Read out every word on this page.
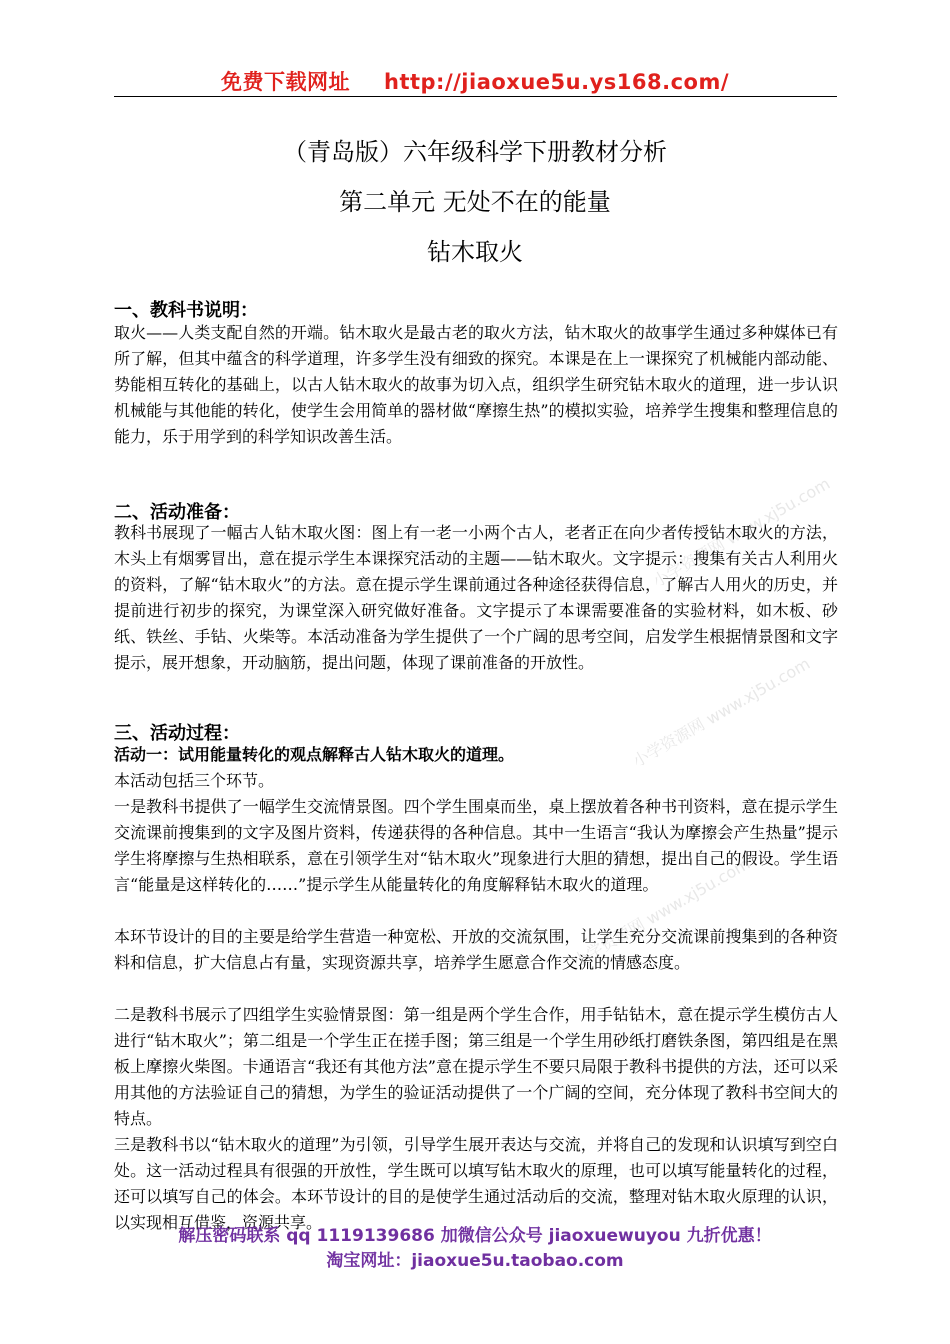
免费下载网址 http://jiaoxue5u.ys168.com/
小学资源网 www.xj5u.com
小学资源网 www.xj5u.com
小学资源网 www.xj5u.com
（青岛版）六年级科学下册教材分析
第二单元 无处不在的能量
钻木取火
一、教科书说明：

取火——人类支配自然的开端。钻木取火是最古老的取火方法，钻木取火的故事学生通过多种媒体已有所了解，但其中蕴含的科学道理，许多学生没有细致的探究。本课是在上一课探究了机械能内部动能、势能相互转化的基础上，以古人钻木取火的故事为切入点，组织学生研究钻木取火的道理，进一步认识机械能与其他能的转化，使学生会用简单的器材做“摩擦生热”的模拟实验，培养学生搜集和整理信息的能力，乐于用学到的科学知识改善生活。

二、活动准备：

教科书展现了一幅古人钻木取火图：图上有一老一小两个古人，老者正在向少者传授钻木取火的方法，木头上有烟雾冒出，意在提示学生本课探究活动的主题——钻木取火。文字提示：搜集有关古人利用火的资料，了解“钻木取火”的方法。意在提示学生课前通过各种途径获得信息，了解古人用火的历史，并提前进行初步的探究，为课堂深入研究做好准备。文字提示了本课需要准备的实验材料，如木板、砂纸、铁丝、手钻、火柴等。本活动准备为学生提供了一个广阔的思考空间，启发学生根据情景图和文字提示，展开想象，开动脑筋，提出问题，体现了课前准备的开放性。

三、活动过程：
活动一：试用能量转化的观点解释古人钻木取火的道理。

本活动包括三个环节。

一是教科书提供了一幅学生交流情景图。四个学生围桌而坐，桌上摆放着各种书刊资料，意在提示学生交流课前搜集到的文字及图片资料，传递获得的各种信息。其中一生语言“我认为摩擦会产生热量”提示学生将摩擦与生热相联系，意在引领学生对“钻木取火”现象进行大胆的猜想，提出自己的假设。学生语言“能量是这样转化的……”提示学生从能量转化的角度解释钻木取火的道理。

本环节设计的目的主要是给学生营造一种宽松、开放的交流氛围，让学生充分交流课前搜集到的各种资料和信息，扩大信息占有量，实现资源共享，培养学生愿意合作交流的情感态度。

二是教科书展示了四组学生实验情景图：第一组是两个学生合作，用手钻钻木，意在提示学生模仿古人进行“钻木取火”；第二组是一个学生正在搓手图；第三组是一个学生用砂纸打磨铁条图，第四组是在黑板上摩擦火柴图。卡通语言“我还有其他方法”意在提示学生不要只局限于教科书提供的方法，还可以采用其他的方法验证自己的猜想，为学生的验证活动提供了一个广阔的空间，充分体现了教科书空间大的特点。

三是教科书以“钻木取火的道理”为引领，引导学生展开表达与交流，并将自己的发现和认识填写到空白处。这一活动过程具有很强的开放性，学生既可以填写钻木取火的原理，也可以填写能量转化的过程，还可以填写自己的体会。本环节设计的目的是使学生通过活动后的交流，整理对钻木取火原理的认识，以实现相互借鉴，资源共享。

解压密码联系 qq 1119139686 加微信公众号 jiaoxuewuyou 九折优惠！
淘宝网址：jiaoxue5u.taobao.com
